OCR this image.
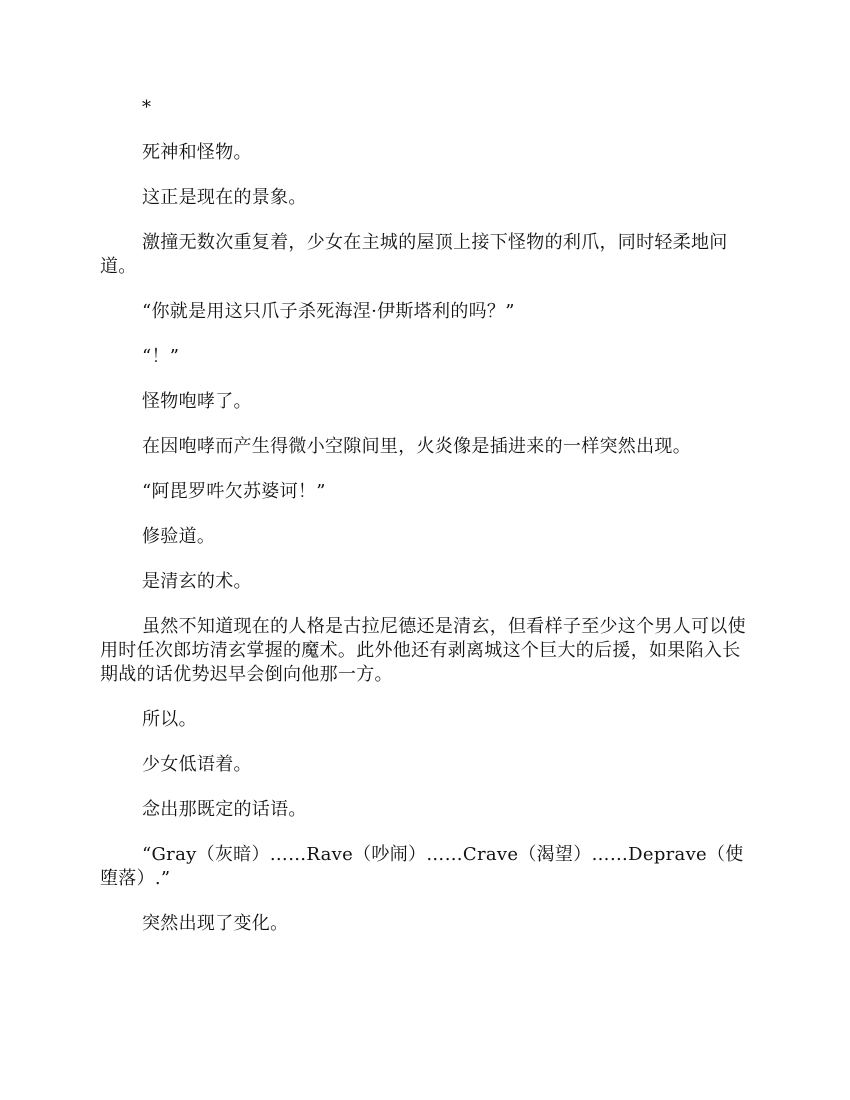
*

死神和怪物。

这正是现在的景象。

激撞无数次重复着，少女在主城的屋顶上接下怪物的利爪，同时轻柔地问道。

“你就是用这只爪子杀死海涅·伊斯塔利的吗？”

“！”

怪物咆哮了。

在因咆哮而产生得微小空隙间里，火炎像是插进来的一样突然出现。

“阿毘罗吽欠苏婆诃！”

修验道。

是清玄的术。

虽然不知道现在的人格是古拉尼德还是清玄，但看样子至少这个男人可以使用时任次郎坊清玄掌握的魔术。此外他还有剥离城这个巨大的后援，如果陷入长期战的话优势迟早会倒向他那一方。

所以。

少女低语着。

念出那既定的话语。

“Gray（灰暗）……Rave（吵闹）……Crave（渴望）……Deprave（使堕落）.”

突然出现了变化。
